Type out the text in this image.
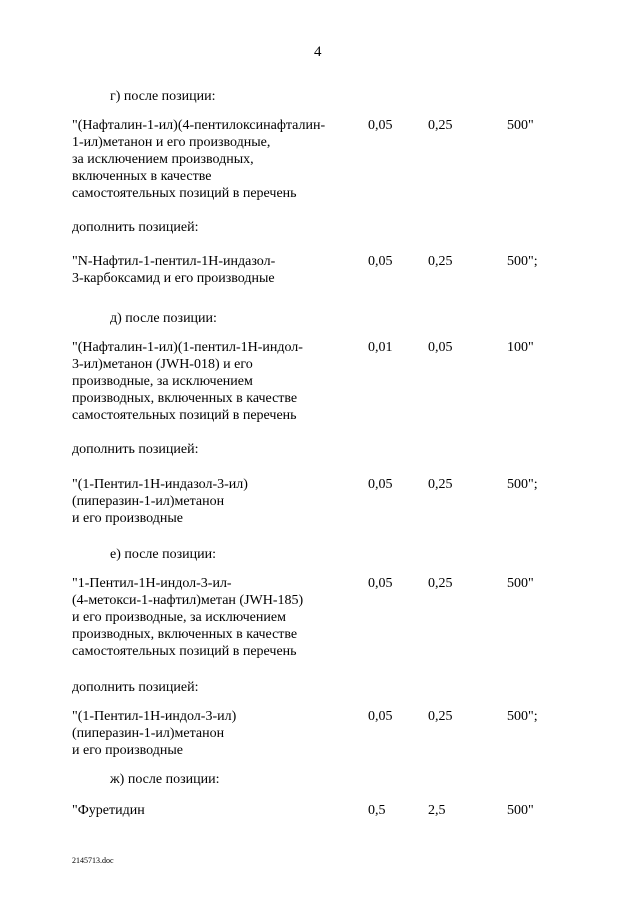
4
г) после позиции:
"(Нафталин-1-ил)(4-пентилоксинафталин-
1-ил)метанон и его производные,
за исключением производных,
включенных в качестве
самостоятельных позиций в перечень
0,05	0,25	500"
дополнить позицией:
"N-Нафтил-1-пентил-1Н-индазол-
3-карбоксамид и его производные
0,05	0,25	500";
д) после позиции:
"(Нафталин-1-ил)(1-пентил-1Н-индол-
3-ил)метанон (JWH-018) и его
производные, за исключением
производных, включенных в качестве
самостоятельных позиций в перечень
0,01	0,05	100"
дополнить позицией:
"(1-Пентил-1Н-индазол-3-ил)
(пиперазин-1-ил)метанон
и его производные
0,05	0,25	500";
е) после позиции:
"1-Пентил-1Н-индол-3-ил-
(4-метокси-1-нафтил)метан (JWH-185)
и его производные, за исключением
производных, включенных в качестве
самостоятельных позиций в перечень
0,05	0,25	500"
дополнить позицией:
"(1-Пентил-1Н-индол-3-ил)
(пиперазин-1-ил)метанон
и его производные
0,05	0,25	500";
ж) после позиции:
"Фуретидин	0,5	2,5	500"
2145713.doc
